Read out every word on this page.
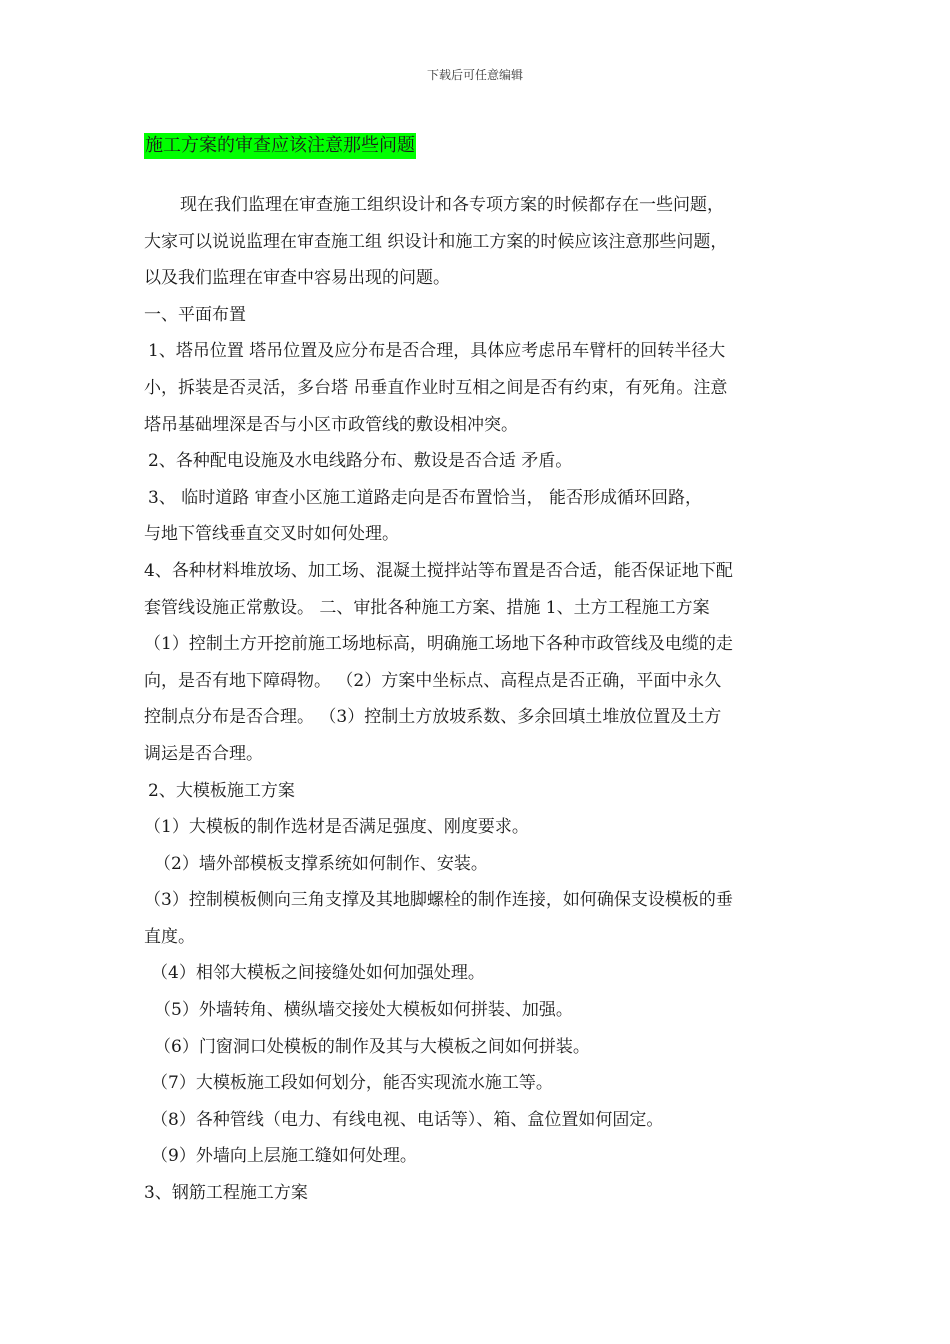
下载后可任意编辑
施工方案的审查应该注意那些问题

现在我们监理在审查施工组织设计和各专项方案的时候都存在一些问题，

大家可以说说监理在审查施工组 织设计和施工方案的时候应该注意那些问题，

以及我们监理在审查中容易出现的问题。

一、平面布置

1、塔吊位置 塔吊位置及应分布是否合理，具体应考虑吊车臂杆的回转半径大

小，拆装是否灵活，多台塔 吊垂直作业时互相之间是否有约束，有死角。注意

塔吊基础埋深是否与小区市政管线的敷设相冲突。

2、各种配电设施及水电线路分布、敷设是否合适 矛盾。

3、 临时道路 审查小区施工道路走向是否布置恰当， 能否形成循环回路，

与地下管线垂直交叉时如何处理。

4、各种材料堆放场、加工场、混凝土搅拌站等布置是否合适，能否保证地下配

套管线设施正常敷设。 二、审批各种施工方案、措施 1、土方工程施工方案

（1）控制土方开挖前施工场地标高，明确施工场地下各种市政管线及电缆的走

向，是否有地下障碍物。 （2）方案中坐标点、高程点是否正确，平面中永久

控制点分布是否合理。 （3）控制土方放坡系数、多余回填土堆放位置及土方

调运是否合理。

2、大模板施工方案

（1）大模板的制作选材是否满足强度、刚度要求。

（2）墙外部模板支撑系统如何制作、安装。

（3）控制模板侧向三角支撑及其地脚螺栓的制作连接，如何确保支设模板的垂

直度。

（4）相邻大模板之间接缝处如何加强处理。

（5）外墙转角、横纵墙交接处大模板如何拼装、加强。

（6）门窗洞口处模板的制作及其与大模板之间如何拼装。

（7）大模板施工段如何划分，能否实现流水施工等。

（8）各种管线（电力、有线电视、电话等）、箱、盒位置如何固定。

（9）外墙向上层施工缝如何处理。

3、钢筋工程施工方案
